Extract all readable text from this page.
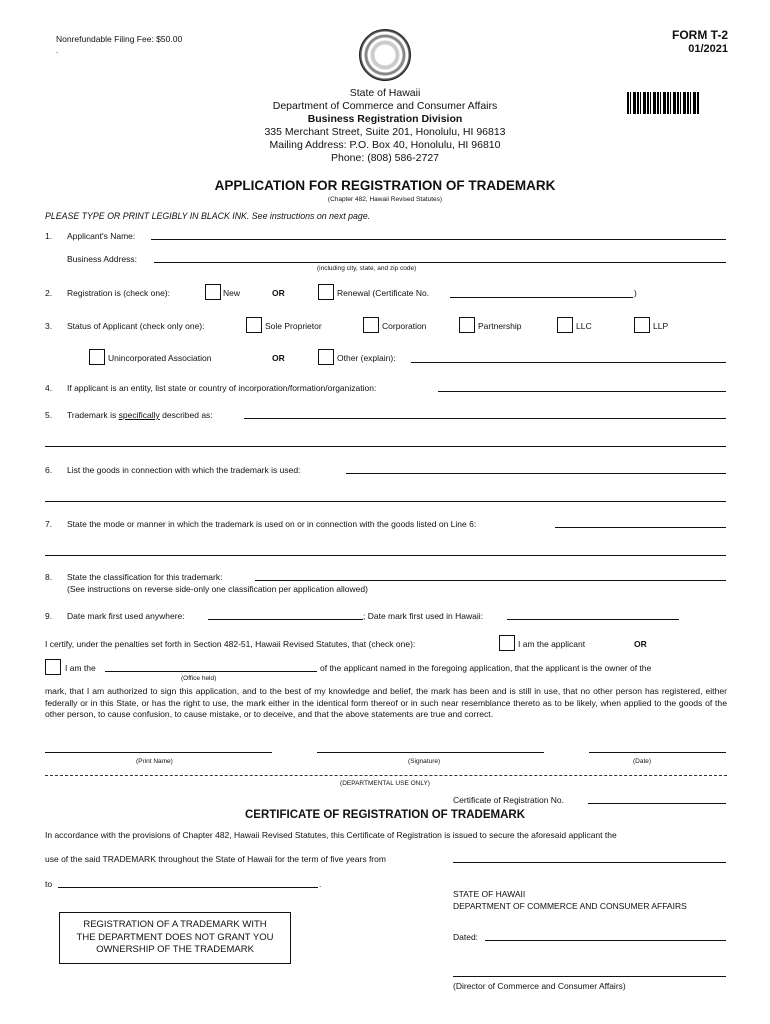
Nonrefundable Filing Fee: $50.00
.
FORM T-2
01/2021
State of Hawaii
Department of Commerce and Consumer Affairs
Business Registration Division
335 Merchant Street, Suite 201, Honolulu, HI 96813
Mailing Address: P.O. Box 40, Honolulu, HI 96810
Phone: (808) 586-2727
APPLICATION FOR REGISTRATION OF TRADEMARK
(Chapter 482, Hawaii Revised Statutes)
PLEASE TYPE OR PRINT LEGIBLY IN BLACK INK. See instructions on next page.
1. Applicant's Name:
Business Address:
(including city, state, and zip code)
2. Registration is (check one):	New	OR	Renewal (Certificate No.	)
3. Status of Applicant (check only one):	Sole Proprietor	Corporation	Partnership	LLC	LLP
Unincorporated Association	OR	Other (explain):
4. If applicant is an entity, list state or country of incorporation/formation/organization:
5. Trademark is specifically described as:
6. List the goods in connection with which the trademark is used:
7. State the mode or manner in which the trademark is used on or in connection with the goods listed on Line 6:
8. State the classification for this trademark:
(See instructions on reverse side-only one classification per application allowed)
9. Date mark first used anywhere:	; Date mark first used in Hawaii:
I certify, under the penalties set forth in Section 482-51, Hawaii Revised Statutes, that (check one):	I am the applicant	OR
I am the	of the applicant named in the foregoing application, that the applicant is the owner of the
(Office held)
mark, that I am authorized to sign this application, and to the best of my knowledge and belief, the mark has been and is still in use, that no other person has registered, either federally or in this State, or has the right to use, the mark either in the identical form thereof or in such near resemblance thereto as to be likely, when applied to the goods of the other person, to cause confusion, to cause mistake, or to deceive, and that the above statements are true and correct.
(Print Name)	(Signature)	(Date)
(DEPARTMENTAL USE ONLY)
Certificate of Registration No.
CERTIFICATE OF REGISTRATION OF TRADEMARK
In accordance with the provisions of Chapter 482, Hawaii Revised Statutes, this Certificate of Registration is issued to secure the aforesaid applicant the
use of the said TRADEMARK throughout the State of Hawaii for the term of five years from
to	.
STATE OF HAWAII
DEPARTMENT OF COMMERCE AND CONSUMER AFFAIRS
REGISTRATION OF A TRADEMARK WITH
THE DEPARTMENT DOES NOT GRANT YOU
OWNERSHIP OF THE TRADEMARK
Dated:
(Director of Commerce and Consumer Affairs)
